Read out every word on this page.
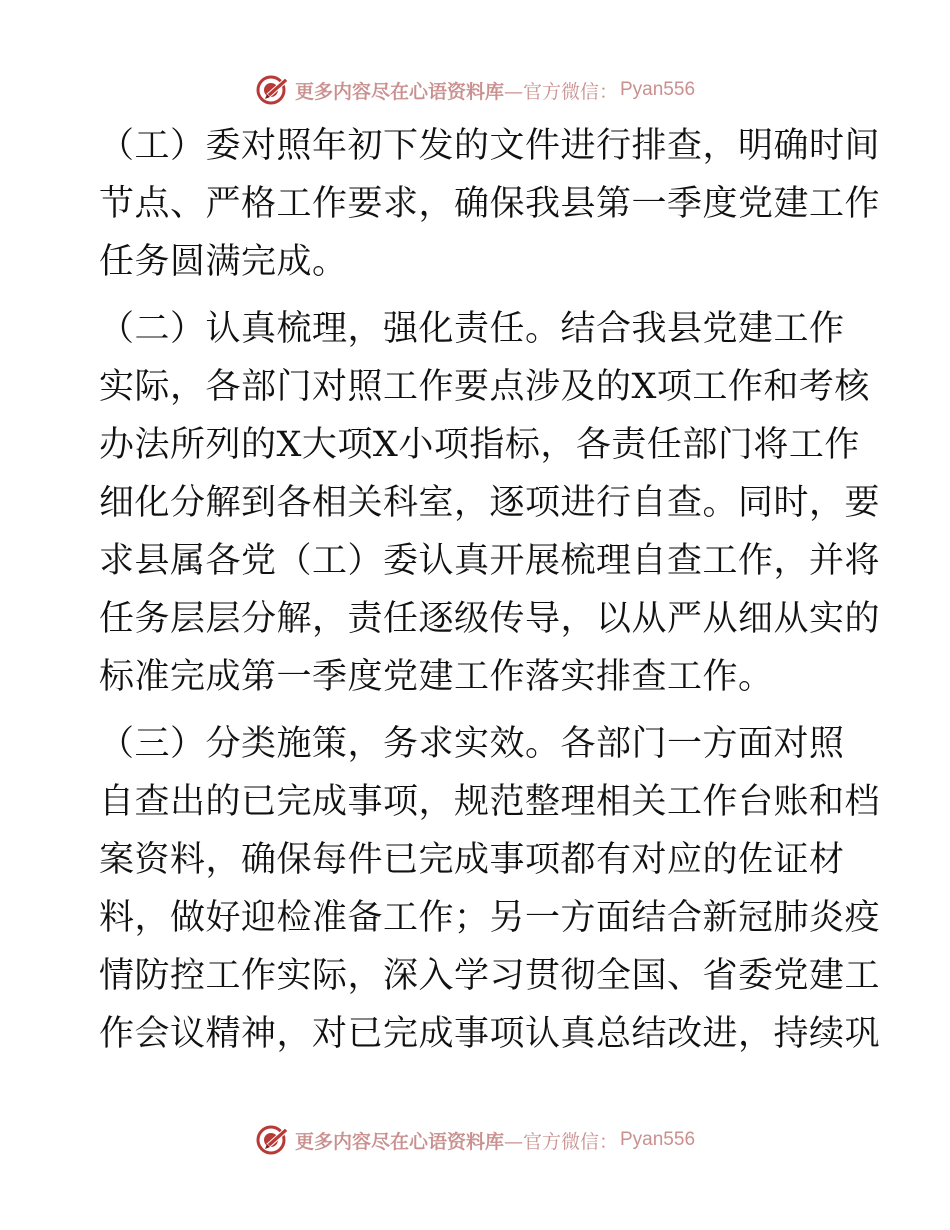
更多内容尽在心语资料库 —官方微信： Pyan556
（工）委对照年初下发的文件进行排查，明确时间
节点、严格工作要求，确保我县第一季度党建工作
任务圆满完成。
（二）认真梳理，强化责任。结合我县党建工作
实际，各部门对照工作要点涉及的X项工作和考核
办法所列的X大项X小项指标，各责任部门将工作
细化分解到各相关科室，逐项进行自查。同时，要
求县属各党（工）委认真开展梳理自查工作，并将
任务层层分解，责任逐级传导，以从严从细从实的
标准完成第一季度党建工作落实排查工作。
（三）分类施策，务求实效。各部门一方面对照
自查出的已完成事项，规范整理相关工作台账和档
案资料，确保每件已完成事项都有对应的佐证材
料，做好迎检准备工作；另一方面结合新冠肺炎疫
情防控工作实际，深入学习贯彻全国、省委党建工
作会议精神，对已完成事项认真总结改进，持续巩
更多内容尽在心语资料库 —官方微信： Pyan556
